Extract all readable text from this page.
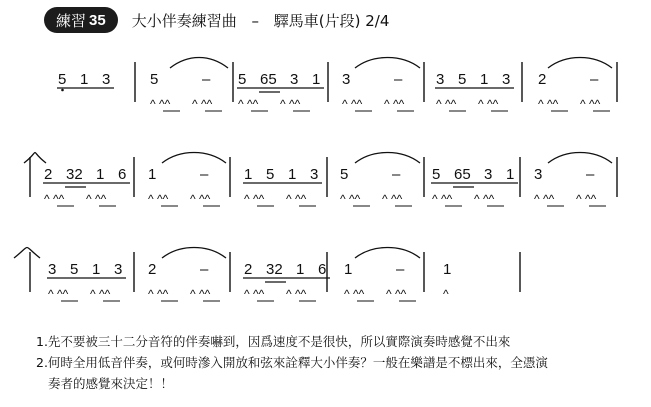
練習 35 大小伴奏練習曲 – 驛馬車(片段) 2/4
5 1 3	5	–
^ ^^ ^ ^^
5 65 3 1
^ ^^ ^ ^^
3	–
^ ^^ ^ ^^
3 5 1 3
^ ^^ ^ ^^
2	–
^ ^^ ^ ^^
2 32 1 6
^ ^^ ^ ^^
1	–
^ ^^ ^ ^^
1 5 1 3
^ ^^ ^ ^^
5	–
^ ^^ ^ ^^
5 65 3 1
^ ^^ ^ ^^
3	–
^ ^^ ^ ^^
3 5 1 3
^ ^^ ^ ^^
2	–
^ ^^ ^ ^^
2 32 1 6
^ ^^ ^ ^^
1	–
^ ^^ ^ ^^
1
^

1.先不要被三十二分音符的伴奏嚇到，因爲速度不是很快，所以實際演奏時感覺不出來

2.何時全用低音伴奏，或何時滲入開放和弦來詮釋大小伴奏？一般在樂譜是不標出來，全憑演

奏者的感覺來決定！！
